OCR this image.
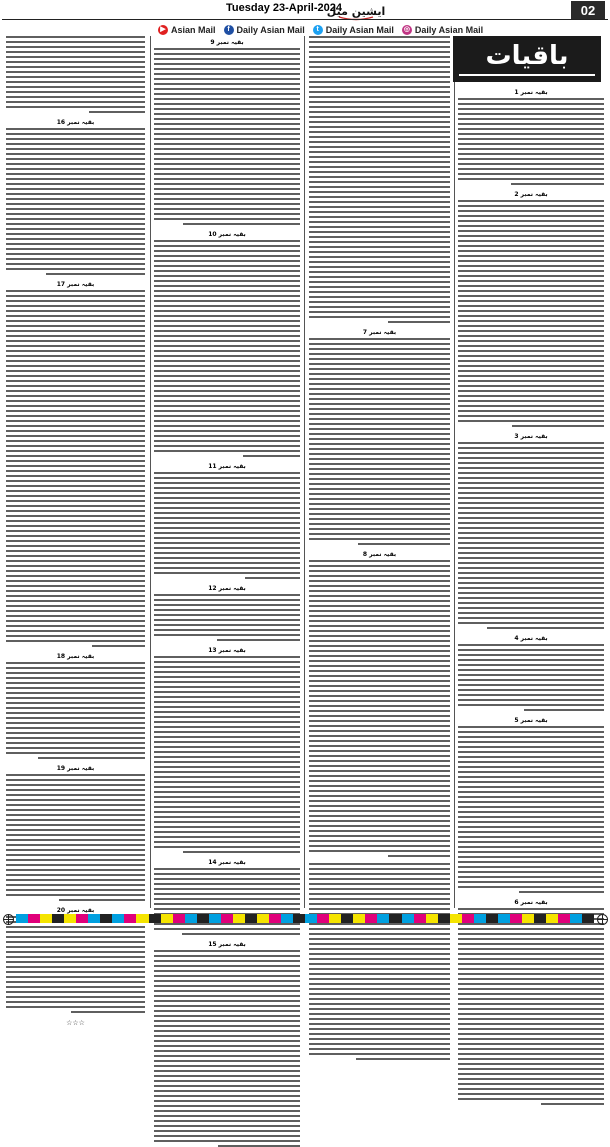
Tuesday 23-April-2024
ایشین میل	02
▶ Asian Mail	f Daily Asian Mail	t Daily Asian Mail ◎ Daily Asian Mail
بقیہ نمبر 16
بقیہ نمبر 17
بقیہ نمبر 18
بقیہ نمبر 19
بقیہ نمبر 20
☆☆☆
بقیہ نمبر 9
بقیہ نمبر 10
بقیہ نمبر 11
بقیہ نمبر 12
بقیہ نمبر 13
بقیہ نمبر 14
بقیہ نمبر 15
بقیہ نمبر 7
بقیہ نمبر 8
بقیہ نمبر 1
بقیہ نمبر 2
بقیہ نمبر 3
بقیہ نمبر 4
بقیہ نمبر 5
بقیہ نمبر 6
باقیات
